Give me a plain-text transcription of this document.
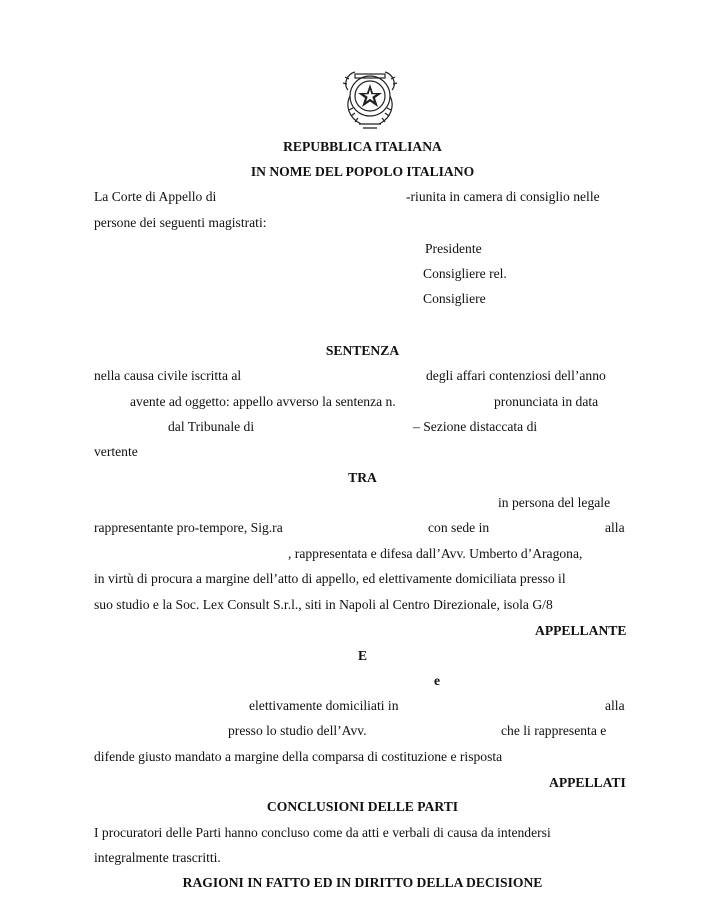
REPUBBLICA ITALIANA
IN NOME DEL POPOLO ITALIANO
La Corte di Appello di	-riunita in camera di consiglio nelle
persone dei seguenti magistrati:
Presidente
Consigliere rel.
Consigliere
SENTENZA
nella causa civile iscritta al	degli affari contenziosi dell’anno
avente ad oggetto: appello avverso la sentenza n.	pronunciata in data
dal Tribunale di	– Sezione distaccata di
vertente
TRA
in persona del legale
rappresentante pro-tempore, Sig.ra	con sede in	alla
, rappresentata e difesa dall’Avv. Umberto d’Aragona,
in virtù di procura a margine dell’atto di appello, ed elettivamente domiciliata presso il
suo studio e la Soc. Lex Consult S.r.l., siti in Napoli al Centro Direzionale, isola G/8
APPELLANTE
E
e
elettivamente domiciliati in	alla
presso lo studio dell’Avv.	che li rappresenta e
difende giusto mandato a margine della comparsa di costituzione e risposta
APPELLATI
CONCLUSIONI DELLE PARTI
I procuratori delle Parti hanno concluso come da atti e verbali di causa da intendersi
integralmente trascritti.
RAGIONI IN FATTO ED IN DIRITTO DELLA DECISIONE
